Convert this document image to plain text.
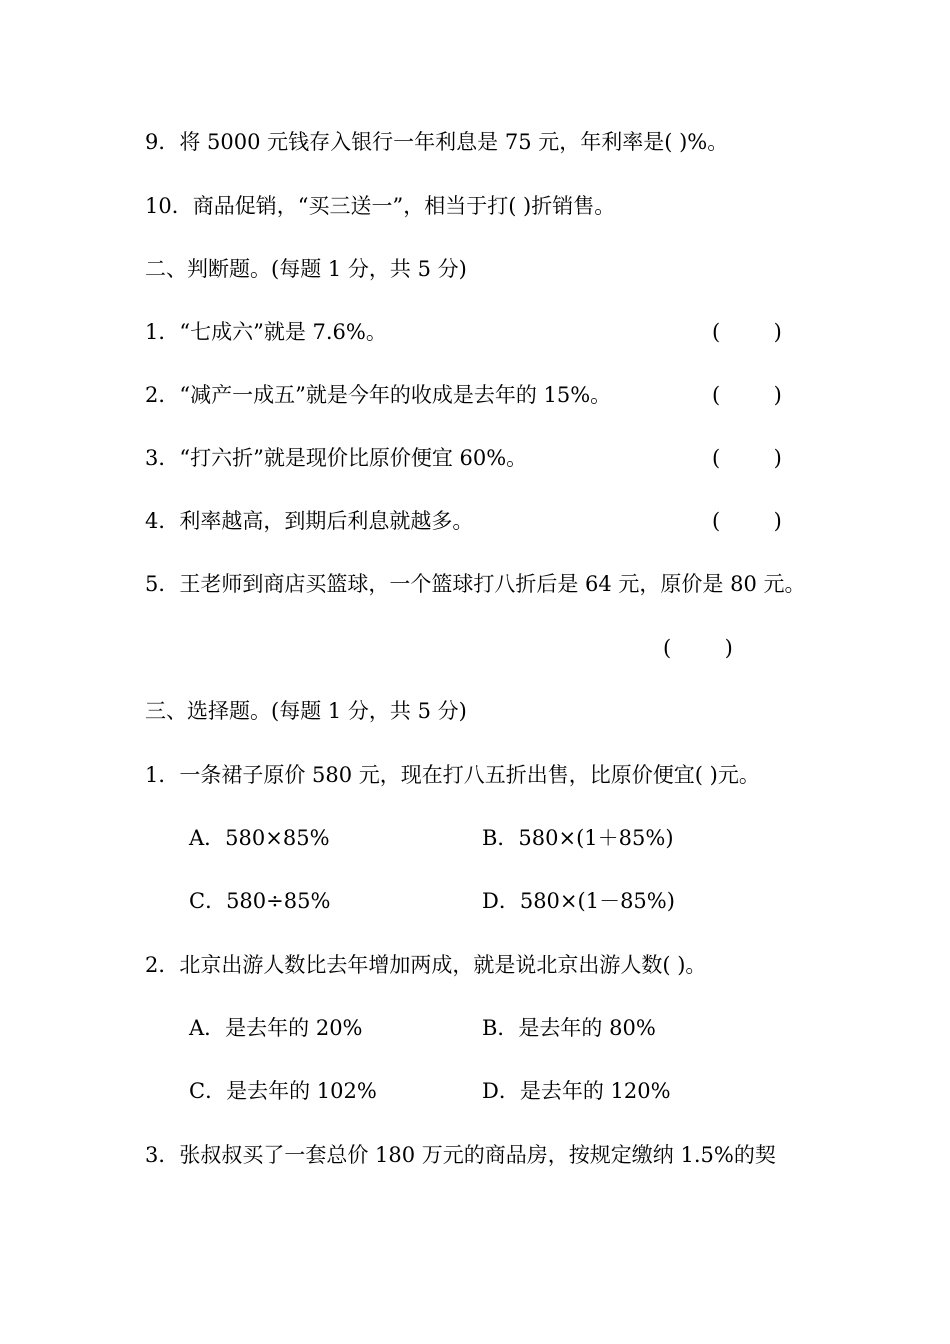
9．将 5000 元钱存入银行一年利息是 75 元，年利率是( )%。
10．商品促销，“买三送一”，相当于打( )折销售。
二、判断题。(每题 1 分，共 5 分)
1．“七成六”就是 7.6%。	(        )
2．“减产一成五”就是今年的收成是去年的 15%。	(        )
3．“打六折”就是现价比原价便宜 60%。	(        )
4．利率越高，到期后利息就越多。	(        )
5．王老师到商店买篮球，一个篮球打八折后是 64 元，原价是 80 元。
(        )
三、选择题。(每题 1 分，共 5 分)
1．一条裙子原价 580 元，现在打八五折出售，比原价便宜( )元。
A．580×85%	B．580×(1＋85%)
C．580÷85%	D．580×(1－85%)
2．北京出游人数比去年增加两成，就是说北京出游人数( )。
A．是去年的 20%	B．是去年的 80%
C．是去年的 102%	D．是去年的 120%
3．张叔叔买了一套总价 180 万元的商品房，按规定缴纳 1.5%的契
